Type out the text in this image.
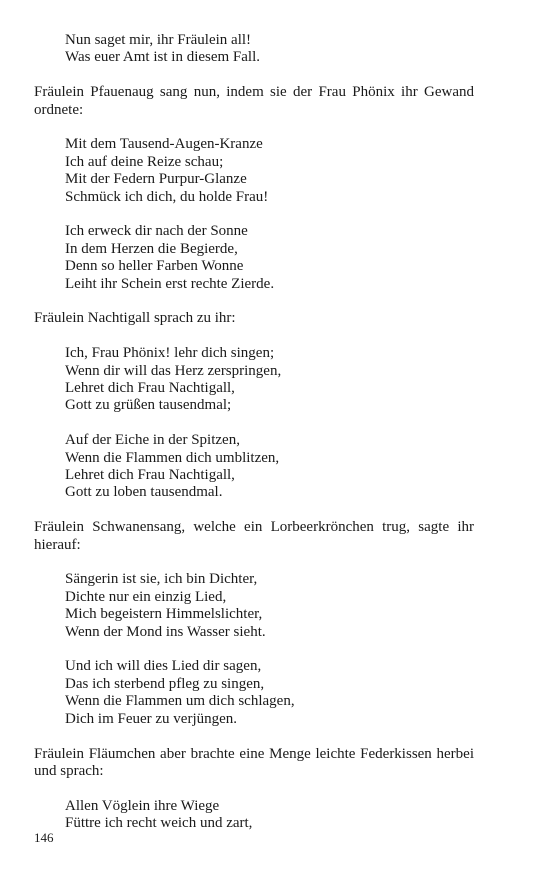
Nun saget mir, ihr Fräulein all!
Was euer Amt ist in diesem Fall.

Fräulein Pfauenaug sang nun, indem sie der Frau Phönix ihr Gewand ordnete:

Mit dem Tausend-Augen-Kranze
Ich auf deine Reize schau;
Mit der Federn Purpur-Glanze
Schmück ich dich, du holde Frau!
Ich erweck dir nach der Sonne
In dem Herzen die Begierde,
Denn so heller Farben Wonne
Leiht ihr Schein erst rechte Zierde.

Fräulein Nachtigall sprach zu ihr:

Ich, Frau Phönix! lehr dich singen;
Wenn dir will das Herz zerspringen,
Lehret dich Frau Nachtigall,
Gott zu grüßen tausendmal;
Auf der Eiche in der Spitzen,
Wenn die Flammen dich umblitzen,
Lehret dich Frau Nachtigall,
Gott zu loben tausendmal.

Fräulein Schwanensang, welche ein Lorbeerkrönchen trug, sagte ihr hierauf:

Sängerin ist sie, ich bin Dichter,
Dichte nur ein einzig Lied,
Mich begeistern Himmelslichter,
Wenn der Mond ins Wasser sieht.
Und ich will dies Lied dir sagen,
Das ich sterbend pfleg zu singen,
Wenn die Flammen um dich schlagen,
Dich im Feuer zu verjüngen.

Fräulein Fläumchen aber brachte eine Menge leichte Federkissen herbei und sprach:

Allen Vöglein ihre Wiege
Füttre ich recht weich und zart,
146
